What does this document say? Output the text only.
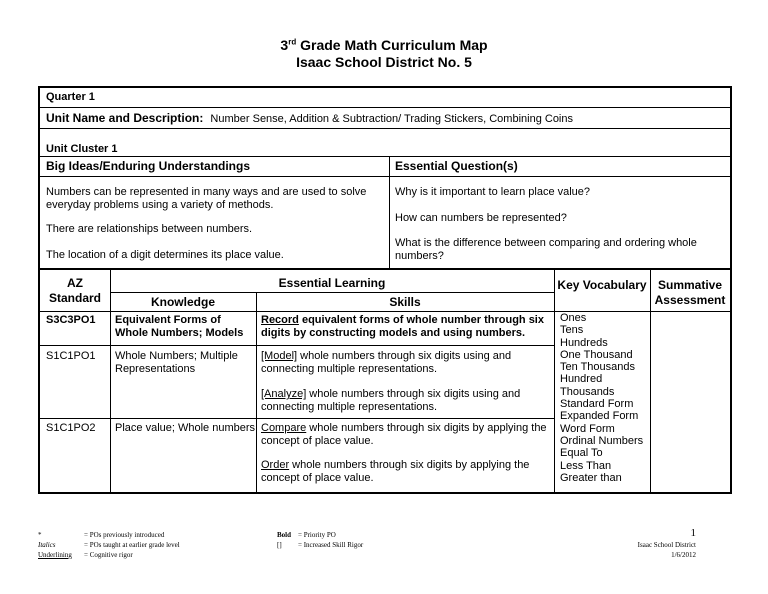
3rd Grade Math Curriculum Map
Isaac School District No. 5
Quarter 1
Unit Name and Description: Number Sense, Addition & Subtraction/ Trading Stickers, Combining Coins
Unit Cluster 1
Big Ideas/Enduring Understandings	Essential Question(s)
Numbers can be represented in many ways and are used to solve everyday problems using a variety of methods.
There are relationships between numbers.
The location of a digit determines its place value.
Why is it important to learn place value?
How can numbers be represented?
What is the difference between comparing and ordering whole numbers?
AZ Standard
Essential Learning
Knowledge	Skills
Key Vocabulary Summative Assessment
S3C3PO1 Equivalent Forms of Whole Numbers; Models
Record equivalent forms of whole number through six digits by constructing models and using numbers.
S1C1PO1 Whole Numbers; Multiple Representations
[Model] whole numbers through six digits using and connecting multiple representations.
[Analyze] whole numbers through six digits using and connecting multiple representations.
S1C1PO2 Place value; Whole numbers Compare whole numbers through six digits by applying the concept of place value.
Order whole numbers through six digits by applying the concept of place value.
Ones
Tens
Hundreds
One Thousand
Ten Thousands
Hundred
Thousands
Standard Form
Expanded Form
Word Form
Ordinal Numbers
Equal To
Less Than
Greater than
*
Italics
Underlining
= POs previously introduced
= POs taught at earlier grade level
= Cognitive rigor
Bold
[]
= Priority PO
= Increased Skill Rigor
1
Isaac School District
1/6/2012
